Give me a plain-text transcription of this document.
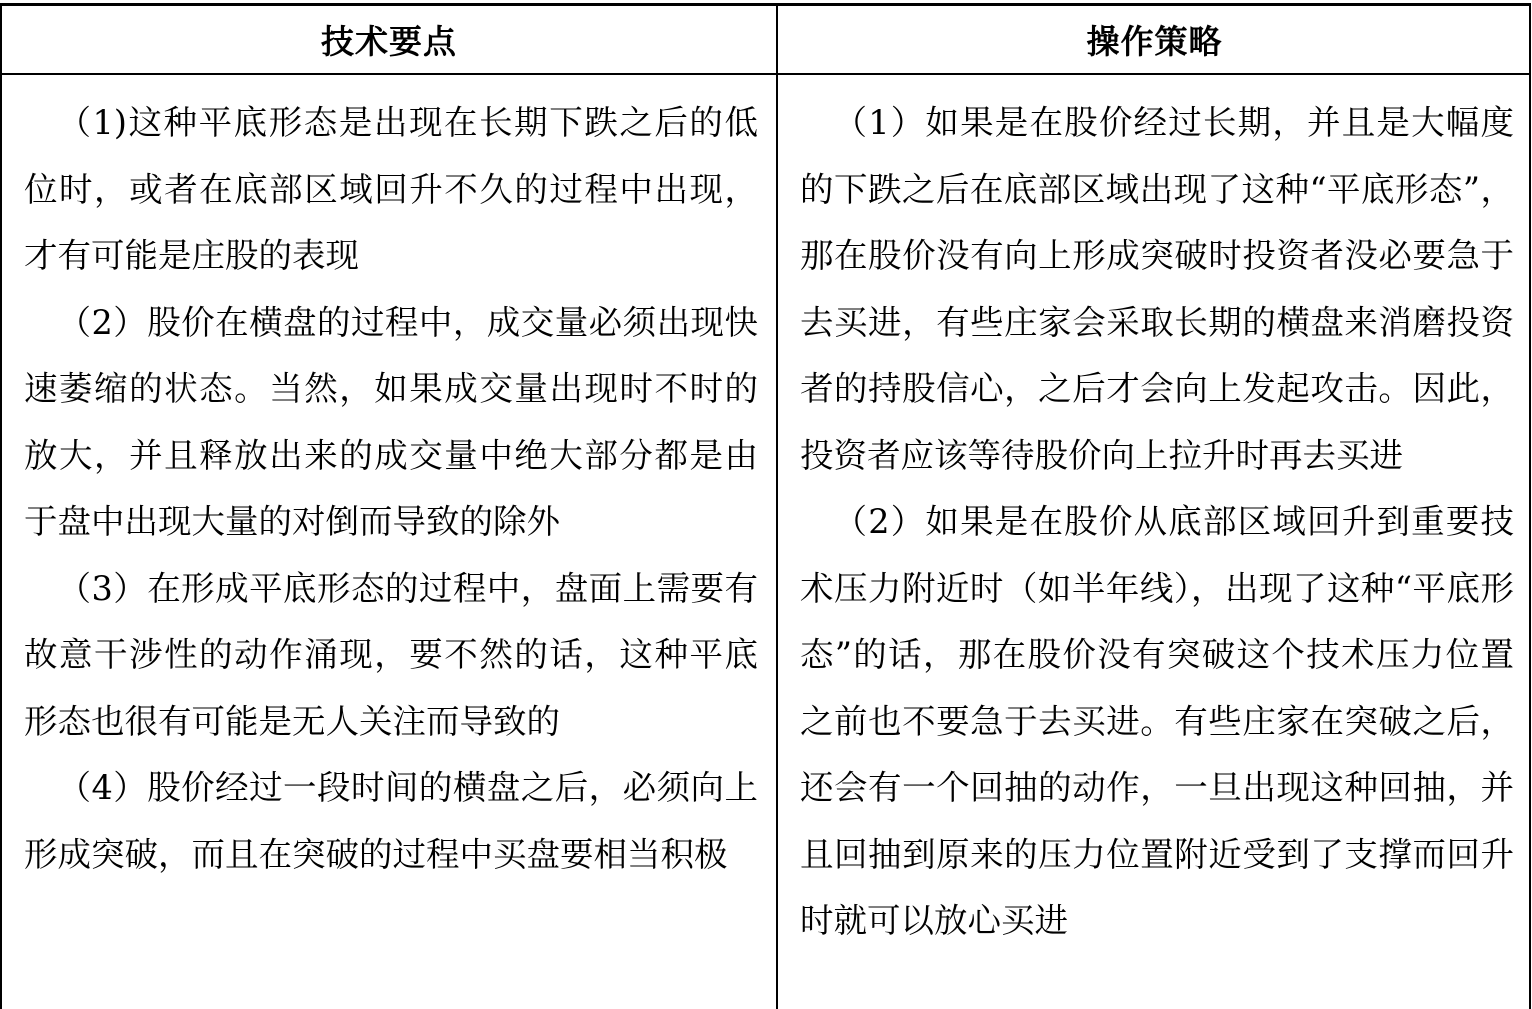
技术要点	操作策略

（1)这种平底形态是出现在长期下跌之后的低位时，或者在底部区域回升不久的过程中出现，才有可能是庄股的表现

（2）股价在横盘的过程中，成交量必须出现快速萎缩的状态。当然，如果成交量出现时不时的放大，并且释放出来的成交量中绝大部分都是由于盘中出现大量的对倒而导致的除外

（3）在形成平底形态的过程中，盘面上需要有故意干涉性的动作涌现，要不然的话，这种平底形态也很有可能是无人关注而导致的

（4）股价经过一段时间的横盘之后，必须向上形成突破，而且在突破的过程中买盘要相当积极

（1）如果是在股价经过长期，并且是大幅度的下跌之后在底部区域出现了这种“平底形态”，那在股价没有向上形成突破时投资者没必要急于去买进，有些庄家会采取长期的横盘来消磨投资者的持股信心，之后才会向上发起攻击。因此，投资者应该等待股价向上拉升时再去买进

（2）如果是在股价从底部区域回升到重要技术压力附近时（如半年线），出现了这种“平底形态”的话，那在股价没有突破这个技术压力位置之前也不要急于去买进。有些庄家在突破之后，还会有一个回抽的动作，一旦出现这种回抽，并且回抽到原来的压力位置附近受到了支撑而回升时就可以放心买进
